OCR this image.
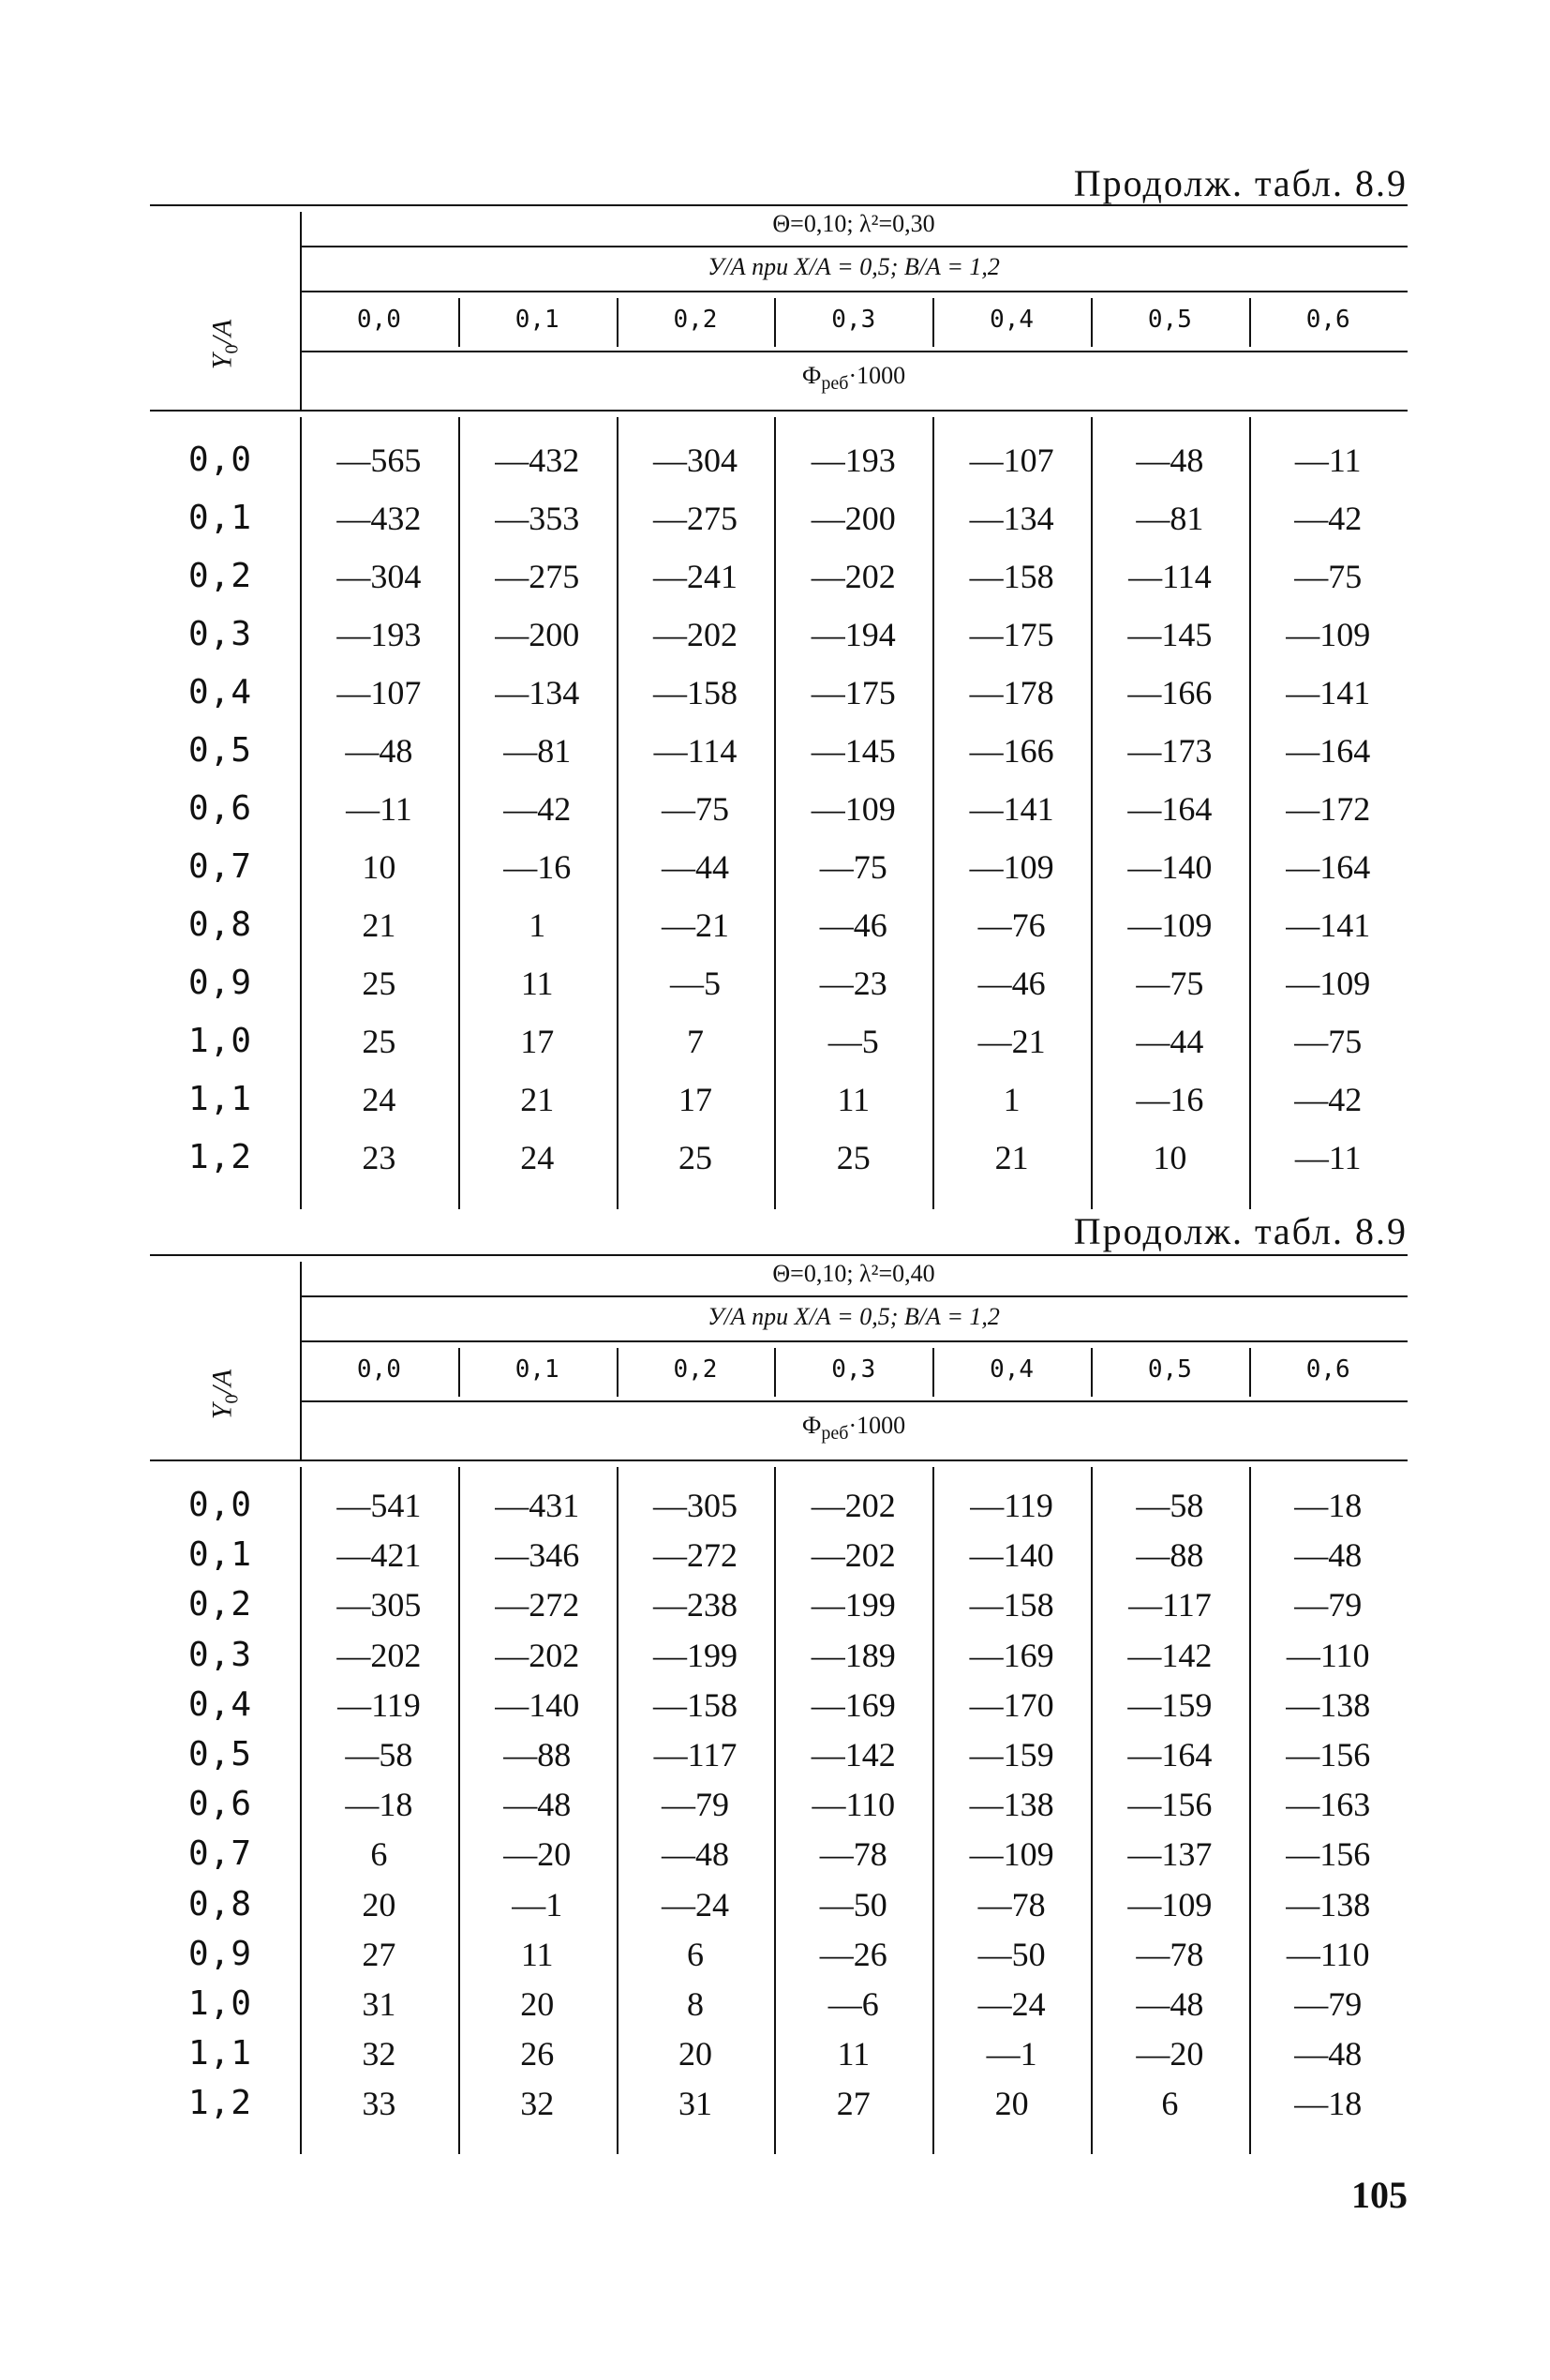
Продолж. табл. 8.9
Θ=0,10; λ²=0,30
У/А при Х/А = 0,5; В/А = 1,2
0,0	0,1	0,2	0,3	0,4	0,5	0,6
$Ф_{реб}\cdot 1000$
$Y_0/A$
0,0	—565	—432	—304	—193	—107	—48	—11
0,1	—432	—353	—275	—200	—134	—81	—42
0,2	—304	—275	—241	—202	—158	—114	—75
0,3	—193	—200	—202	—194	—175	—145	—109
0,4	—107	—134	—158	—175	—178	—166	—141
0,5	—48	—81	—114	—145	—166	—173	—164
0,6	—11	—42	—75	—109	—141	—164	—172
0,7	10	—16	—44	—75	—109	—140	—164
0,8	21	1	—21	—46	—76	—109	—141
0,9	25	11	—5	—23	—46	—75	—109
1,0	25	17	7	—5	—21	—44	—75
1,1	24	21	17	11	1	—16	—42
1,2	23	24	25	25	21	10	—11
Продолж. табл. 8.9
Θ=0,10; λ²=0,40
У/А при Х/А = 0,5; В/А = 1,2
0,0	0,1	0,2	0,3	0,4	0,5	0,6
$Ф_{реб}\cdot 1000$
$Y_0/A$
0,0	—541	—431	—305	—202	—119	—58	—18
0,1	—421	—346	—272	—202	—140	—88	—48
0,2	—305	—272	—238	—199	—158	—117	—79
0,3	—202	—202	—199	—189	—169	—142	—110
0,4	—119	—140	—158	—169	—170	—159	—138
0,5	—58	—88	—117	—142	—159	—164	—156
0,6	—18	—48	—79	—110	—138	—156	—163
0,7	6	—20	—48	—78	—109	—137	—156
0,8	20	—1	—24	—50	—78	—109	—138
0,9	27	11	6	—26	—50	—78	—110
1,0	31	20	8	—6	—24	—48	—79
1,1	32	26	20	11	—1	—20	—48
1,2	33	32	31	27	20	6	—18
105
